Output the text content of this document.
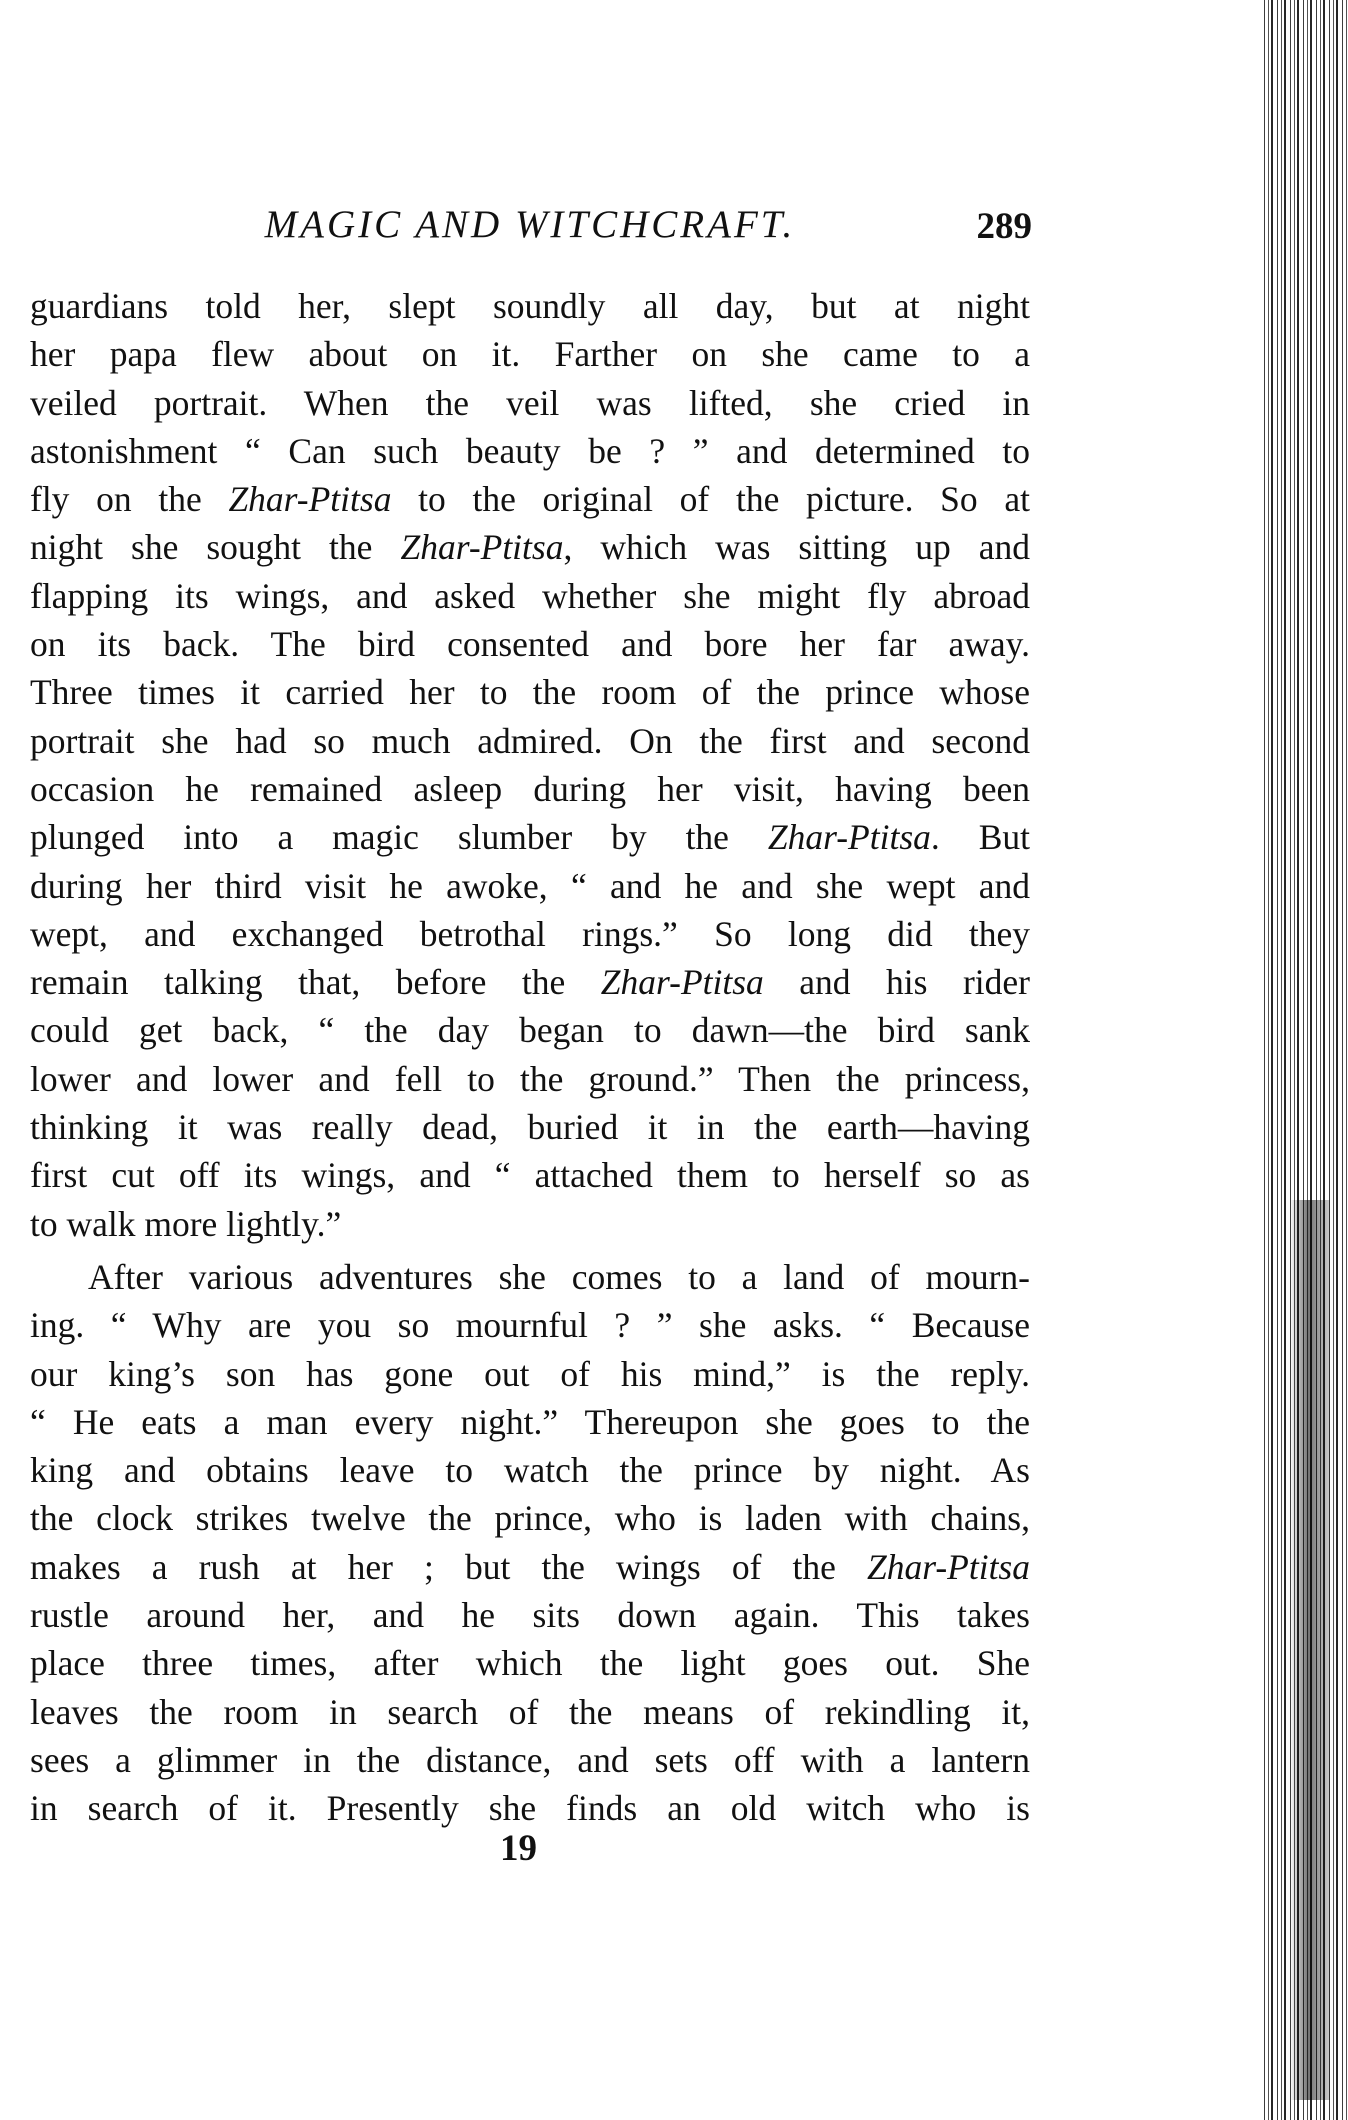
MAGIC AND WITCHCRAFT.	289
guardians told her, slept soundly all day, but at night
her papa flew about on it. Farther on she came to a
veiled portrait. When the veil was lifted, she cried in
astonishment “ Can such beauty be ? ” and determined to
fly on the Zhar-Ptitsa to the original of the picture. So at
night she sought the Zhar-Ptitsa, which was sitting up and
flapping its wings, and asked whether she might fly abroad
on its back. The bird consented and bore her far away.
Three times it carried her to the room of the prince whose
portrait she had so much admired. On the first and second
occasion he remained asleep during her visit, having been
plunged into a magic slumber by the Zhar-Ptitsa. But
during her third visit he awoke, “ and he and she wept and
wept, and exchanged betrothal rings.” So long did they
remain talking that, before the Zhar-Ptitsa and his rider
could get back, “ the day began to dawn—the bird sank
lower and lower and fell to the ground.” Then the princess,
thinking it was really dead, buried it in the earth—having
first cut off its wings, and “ attached them to herself so as
to walk more lightly.”
After various adventures she comes to a land of mourn-
ing. “ Why are you so mournful ? ” she asks. “ Because
our king’s son has gone out of his mind,” is the reply.
“ He eats a man every night.” Thereupon she goes to the
king and obtains leave to watch the prince by night. As
the clock strikes twelve the prince, who is laden with chains,
makes a rush at her ; but the wings of the Zhar-Ptitsa
rustle around her, and he sits down again. This takes
place three times, after which the light goes out. She
leaves the room in search of the means of rekindling it,
sees a glimmer in the distance, and sets off with a lantern
in search of it. Presently she finds an old witch who is
19
